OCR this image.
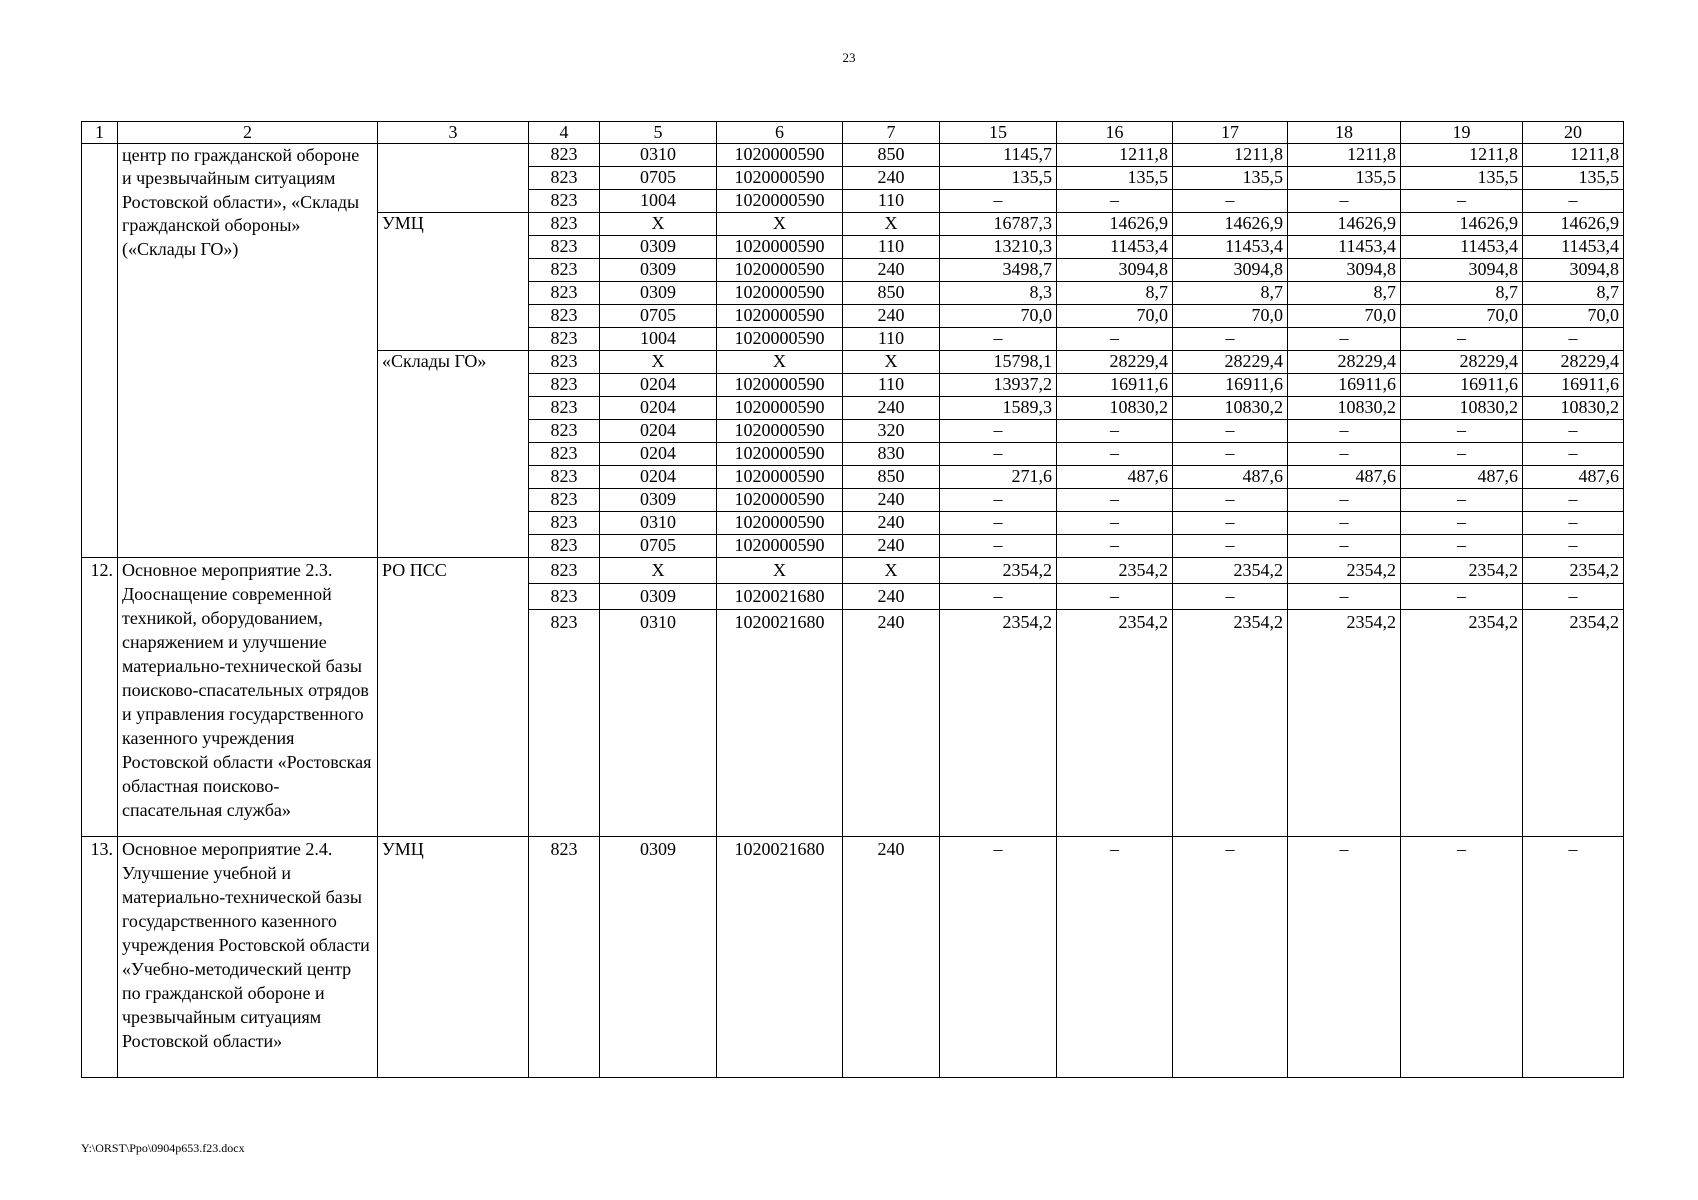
23
1	2	3	4	5	6	7	15	16	17	18	19	20
	центр по гражданской обороне и чрезвычайным ситуациям Ростовской области», «Склады гражданской обороны» («Склады ГО»)		823	0310	1020000590	850	1145,7	1211,8	1211,8	1211,8	1211,8	1211,8
			823	0705	1020000590	240	135,5	135,5	135,5	135,5	135,5	135,5
			823	1004	1020000590	110	–	–	–	–	–	–
		УМЦ	823	Х	Х	Х	16787,3	14626,9	14626,9	14626,9	14626,9	14626,9
			823	0309	1020000590	110	13210,3	11453,4	11453,4	11453,4	11453,4	11453,4
			823	0309	1020000590	240	3498,7	3094,8	3094,8	3094,8	3094,8	3094,8
			823	0309	1020000590	850	8,3	8,7	8,7	8,7	8,7	8,7
			823	0705	1020000590	240	70,0	70,0	70,0	70,0	70,0	70,0
			823	1004	1020000590	110	–	–	–	–	–	–
		«Склады ГО»	823	Х	Х	Х	15798,1	28229,4	28229,4	28229,4	28229,4	28229,4
			823	0204	1020000590	110	13937,2	16911,6	16911,6	16911,6	16911,6	16911,6
			823	0204	1020000590	240	1589,3	10830,2	10830,2	10830,2	10830,2	10830,2
			823	0204	1020000590	320	–	–	–	–	–	–
			823	0204	1020000590	830	–	–	–	–	–	–
			823	0204	1020000590	850	271,6	487,6	487,6	487,6	487,6	487,6
			823	0309	1020000590	240	–	–	–	–	–	–
			823	0310	1020000590	240	–	–	–	–	–	–
			823	0705	1020000590	240	–	–	–	–	–	–
12.	Основное мероприятие 2.3. Дооснащение современной техникой, оборудованием, снаряжением и улучшение материально-технической базы поисково-спасательных отрядов и управления государственного казенного учреждения Ростовской области «Ростовская областная поисково-спасательная служба»	РО ПСС	823	Х	Х	Х	2354,2	2354,2	2354,2	2354,2	2354,2	2354,2
			823	0309	1020021680	240	–	–	–	–	–	–
			823	0310	1020021680	240	2354,2	2354,2	2354,2	2354,2	2354,2	2354,2
13.	Основное мероприятие 2.4. Улучшение учебной и материально-технической базы государственного казенного учреждения Ростовской области «Учебно-методический центр по гражданской обороне и чрезвычайным ситуациям Ростовской области»	УМЦ	823	0309	1020021680	240	–	–	–	–	–	–
Y:\ORST\Ppo\0904p653.f23.docx
